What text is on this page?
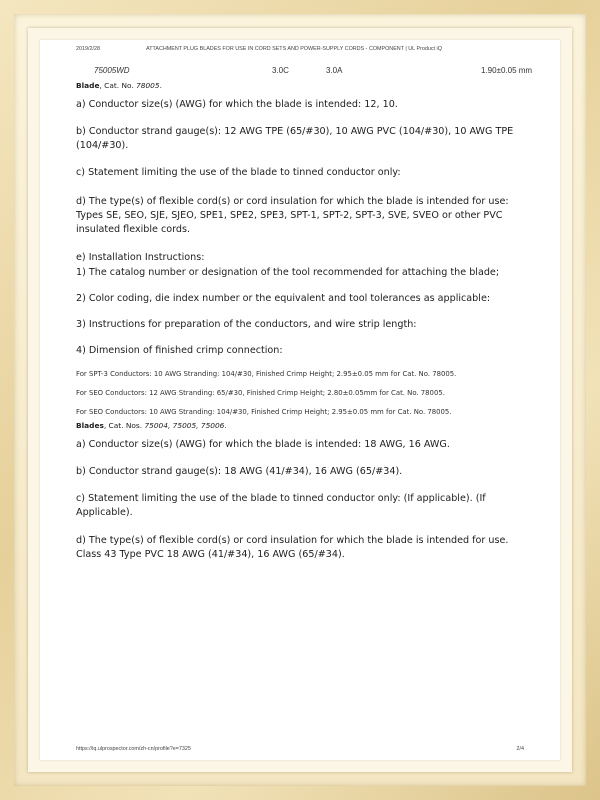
2019/2/28	ATTACHMENT PLUG BLADES FOR USE IN CORD SETS AND POWER-SUPPLY CORDS - COMPONENT | UL Product iQ
75005WD	3.0C	3.0A	1.90±0.05 mm

Blade, Cat. No. 78005.

a) Conductor size(s) (AWG) for which the blade is intended: 12, 10.

b) Conductor strand gauge(s): 12 AWG TPE (65/#30), 10 AWG PVC (104/#30), 10 AWG TPE (104/#30).

c) Statement limiting the use of the blade to tinned conductor only:

d) The type(s) of flexible cord(s) or cord insulation for which the blade is intended for use: Types SE, SEO, SJE, SJEO, SPE1, SPE2, SPE3, SPT-1, SPT-2, SPT-3, SVE, SVEO or other PVC insulated flexible cords.

e) Installation Instructions:

1) The catalog number or designation of the tool recommended for attaching the blade;

2) Color coding, die index number or the equivalent and tool tolerances as applicable:

3) Instructions for preparation of the conductors, and wire strip length:

4) Dimension of finished crimp connection:

For SPT-3 Conductors: 10 AWG Stranding: 104/#30, Finished Crimp Height; 2.95±0.05 mm for Cat. No. 78005.

For SEO Conductors: 12 AWG Stranding: 65/#30, Finished Crimp Height; 2.80±0.05mm for Cat. No. 78005.

For SEO Conductors: 10 AWG Stranding: 104/#30, Finished Crimp Height; 2.95±0.05 mm for Cat. No. 78005.

Blades, Cat. Nos. 75004, 75005, 75006.

a) Conductor size(s) (AWG) for which the blade is intended: 18 AWG, 16 AWG.

b) Conductor strand gauge(s): 18 AWG (41/#34), 16 AWG (65/#34).

c) Statement limiting the use of the blade to tinned conductor only: (If applicable). (If Applicable).

d) The type(s) of flexible cord(s) or cord insulation for which the blade is intended for use. Class 43 Type PVC 18 AWG (41/#34), 16 AWG (65/#34).

https://iq.ulprospector.com/zh-cn/profile?e=7325	2/4
